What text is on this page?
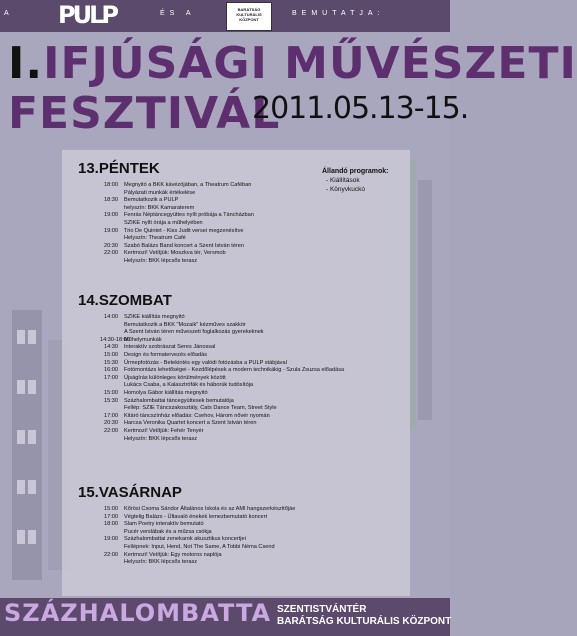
A PULP	ÉS A
BARÁTSÁG KULTURÁLIS KÖZPONT
BEMUTATJA:
I.IFJÚSÁGI MŰVÉSZETI
FESZTIVÁL
2011.05.13-15.
Állandó programok:
- Kiállítások
- Könyvkuckó
13.PÉNTEK
18:00 Megnyitó a BKK kávézójában, a Theatrum Caféban
Pályázati munkák értékelése
18:30 Bemutatkozik a PULP
helyszín: BKK Kamaraterem
19:00 Fenrás Néptáncegyüttes nyílt próbája a Táncházban
SZIKE nyílt órája a műhelyében
19:00 Trio De Quintet - Kiss Judit versei megzenésítve
Helyszín: Theatrum Café
20:30 Szabó Balázs Band koncert a Szent István téren
22:00 Kertmozi! Vetítjük: Moszkva tér, Versmob
Helyszín: BKK lépcsős terasz
14.SZOMBAT
14:00 SZIKE kiállítás megnyitó
Bemutatkozik a BKK "Mozaik" kézműves szakkör
A Szent István téren műveszeti foglalkozás gyerekeknek
14:30-18:00Műhelymunkák
14:30 Interaktív szobrászat Seres Jánossal
15:00 Design és formatervezés előadás
15:30 Ürmepfotózás - Betekintés egy valódi fotózásba a PULP stábjával
16:00 Fotómontázs lehetőségei - Kezdőlépések a modern technikákig - Szula Zsuzsa előadása
17:00 Újságírás különleges körülmények között
Lukács Csaba, a Kalasztrófák és háborúk tudósítója
15:00 Homolya Gábor kiállítás megnyitó
15:30 Százhalombattai táncegyüttesek bemutatója
Fellép: SZIE Táncszakosztály, Cats Dance Team, Street Style
17:00 Kitáró táncszínház előadás: Csehov, Három nővér nyomán
20:30 Harcsa Veronika Quartet koncert a Szent István téren
22:00 Kertmozi! Vetítjük: Fehér Tenyér
Helyszín: BKK lépcsős terasz
15.VASÁRNAP
15:00 Kőrösi Csoma Sándor Általános Iskola és az AMI hangszerkészítőjáe
17:00 Végtelig Balázs - Ültavaló énekek lemezbemutató koncert
18:00 Slam Poetry interaktív bemutató
Pucér verslábak és a műzsa csókja
19:00 Százhalombattai zenekarok akusztikus koncertjei
Fellépnek: Input, Hend, Not The Same, A Tobbi Néma Csend
22:00 Kertmozi! Vetítjük: Egy motoros naplója
Helyszín: BKK lépcsős terasz
SZÁZHALOMBATTA SZENTISTVÁNTÉR
BARÁTSÁG KULTURÁLIS KÖZPONT
